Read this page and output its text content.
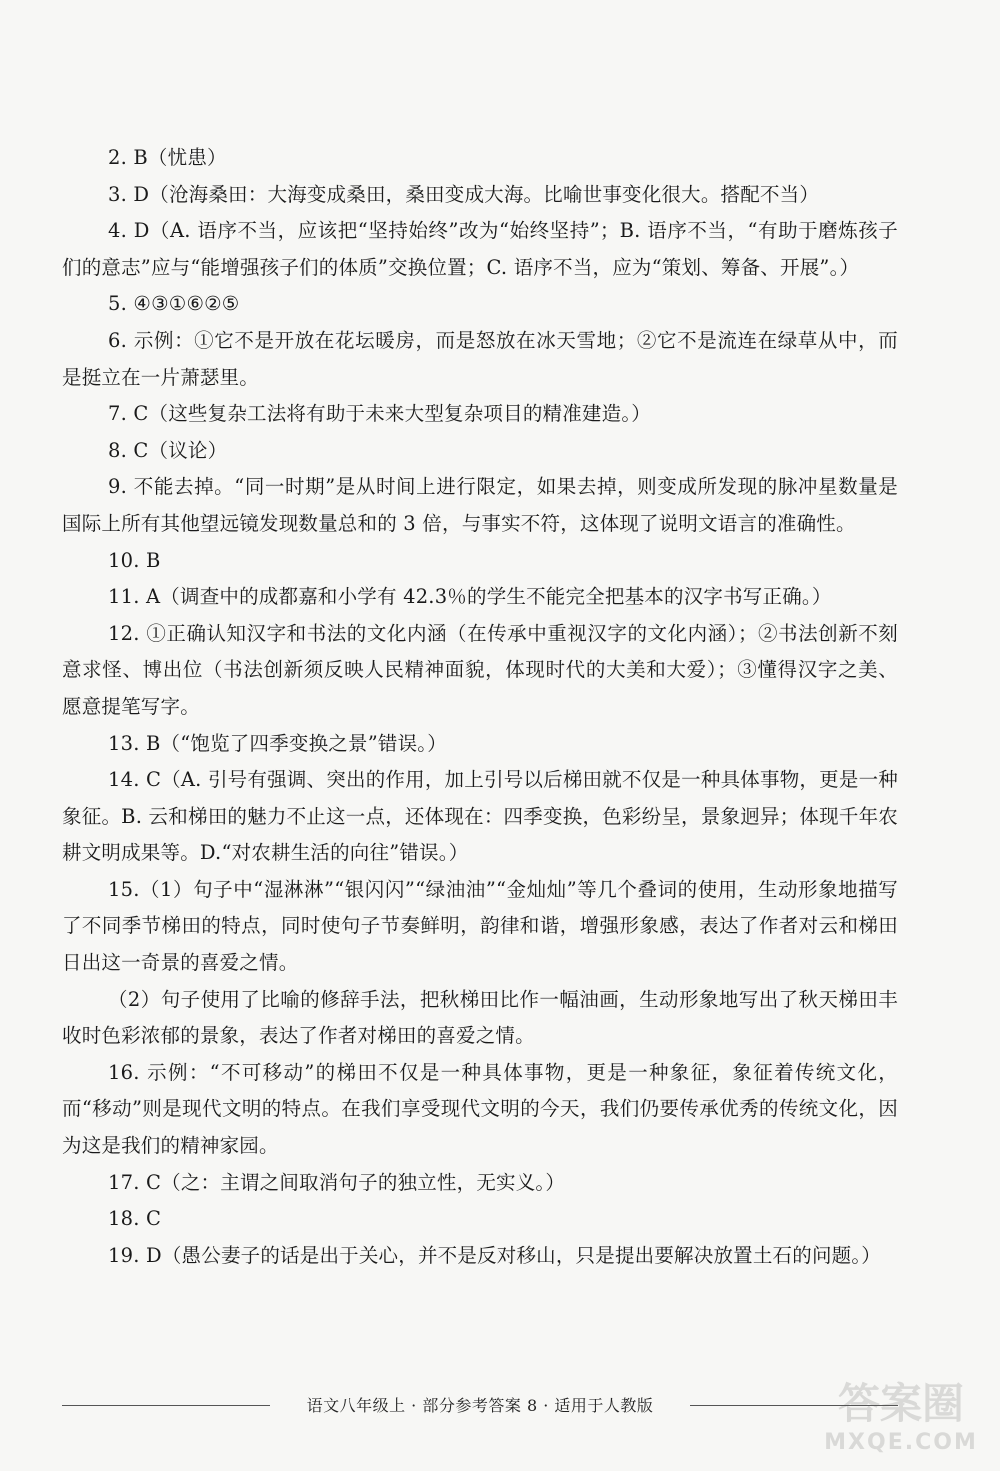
2. B（忧患）

3. D（沧海桑田：大海变成桑田，桑田变成大海。比喻世事变化很大。搭配不当）

4. D（A. 语序不当，应该把“坚持始终”改为“始终坚持”；B. 语序不当，“有助于磨炼孩子们的意志”应与“能增强孩子们的体质”交换位置；C. 语序不当，应为“策划、筹备、开展”。）

5. ④③①⑥②⑤

6. 示例：①它不是开放在花坛暖房，而是怒放在冰天雪地；②它不是流连在绿草从中，而是挺立在一片萧瑟里。

7. C（这些复杂工法将有助于未来大型复杂项目的精准建造。）

8. C（议论）

9. 不能去掉。“同一时期”是从时间上进行限定，如果去掉，则变成所发现的脉冲星数量是国际上所有其他望远镜发现数量总和的 3 倍，与事实不符，这体现了说明文语言的准确性。

10. B

11. A（调查中的成都嘉和小学有 42.3％的学生不能完全把基本的汉字书写正确。）

12. ①正确认知汉字和书法的文化内涵（在传承中重视汉字的文化内涵）；②书法创新不刻意求怪、博出位（书法创新须反映人民精神面貌，体现时代的大美和大爱）；③懂得汉字之美、愿意提笔写字。

13. B（“饱览了四季变换之景”错误。）

14. C（A. 引号有强调、突出的作用，加上引号以后梯田就不仅是一种具体事物，更是一种象征。B. 云和梯田的魅力不止这一点，还体现在：四季变换，色彩纷呈，景象迥异；体现千年农耕文明成果等。D.“对农耕生活的向往”错误。）

15.（1）句子中“湿淋淋”“银闪闪”“绿油油”“金灿灿”等几个叠词的使用，生动形象地描写了不同季节梯田的特点，同时使句子节奏鲜明，韵律和谐，增强形象感，表达了作者对云和梯田日出这一奇景的喜爱之情。

（2）句子使用了比喻的修辞手法，把秋梯田比作一幅油画，生动形象地写出了秋天梯田丰收时色彩浓郁的景象，表达了作者对梯田的喜爱之情。

16. 示例：“不可移动”的梯田不仅是一种具体事物，更是一种象征，象征着传统文化，而“移动”则是现代文明的特点。在我们享受现代文明的今天，我们仍要传承优秀的传统文化，因为这是我们的精神家园。

17. C（之：主谓之间取消句子的独立性，无实义。）

18. C

19. D（愚公妻子的话是出于关心，并不是反对移山，只是提出要解决放置土石的问题。）

语文八年级上 · 部分参考答案 8 · 适用于人教版	答案圈
MXQE.COM
